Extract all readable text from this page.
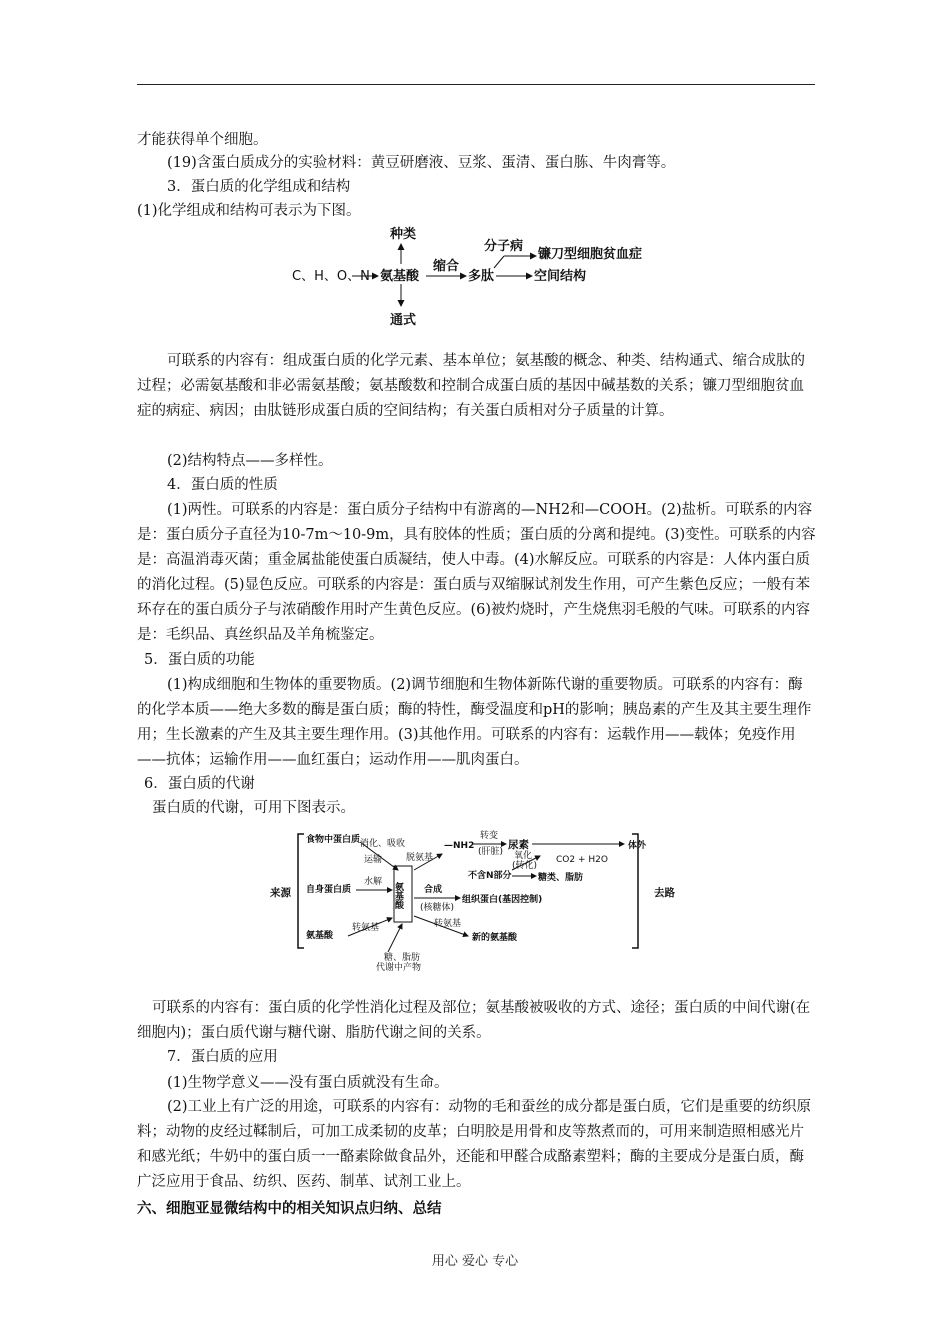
才能获得单个细胞。

(19)含蛋白质成分的实验材料：黄豆研磨液、豆浆、蛋清、蛋白胨、牛肉膏等。

3．蛋白质的化学组成和结构

(1)化学组成和结构可表示为下图。

C、H、O、N 氨基酸
种类
通式
缩合
多肽
分子病
镰刀型细胞贫血症
空间结构

可联系的内容有：组成蛋白质的化学元素、基本单位；氨基酸的概念、种类、结构通式、缩合成肽的过程；必需氨基酸和非必需氨基酸；氨基酸数和控制合成蛋白质的基因中碱基数的关系；镰刀型细胞贫血症的病症、病因；由肽链形成蛋白质的空间结构；有关蛋白质相对分子质量的计算。

(2)结构特点——多样性。

4．蛋白质的性质

(1)两性。可联系的内容是：蛋白质分子结构中有游离的—NH2和—COOH。(2)盐析。可联系的内容是：蛋白质分子直径为10-7m～10-9m，具有胶体的性质；蛋白质的分离和提纯。(3)变性。可联系的内容是：高温消毒灭菌；重金属盐能使蛋白质凝结，使人中毒。(4)水解反应。可联系的内容是：人体内蛋白质的消化过程。(5)显色反应。可联系的内容是：蛋白质与双缩脲试剂发生作用，可产生紫色反应；一般有苯环存在的蛋白质分子与浓硝酸作用时产生黄色反应。(6)被灼烧时，产生烧焦羽毛般的气味。可联系的内容是：毛织品、真丝织品及羊角梳鉴定。

5．蛋白质的功能

(1)构成细胞和生物体的重要物质。(2)调节细胞和生物体新陈代谢的重要物质。可联系的内容有：酶的化学本质——绝大多数的酶是蛋白质；酶的特性，酶受温度和pH的影响；胰岛素的产生及其主要生理作用；生长激素的产生及其主要生理作用。(3)其他作用。可联系的内容有：运载作用——载体；免疫作用——抗体；运输作用——血红蛋白；运动作用——肌肉蛋白。

6．蛋白质的代谢

蛋白质的代谢，可用下图表示。

来源	去路
食物中蛋白质 消化、吸收
运输
自身蛋白质
水解 氨基酸
氨基酸
转氨基
脱氨基
—NH2
转变
(肝脏)
尿素	体外
CO2 + H2O
不含N部分
氧化
(转化)
糖类、脂肪
合成
(核糖体)
组织蛋白(基因控制)
转氨基
新的氨基酸
糖、脂肪
代谢中产物

可联系的内容有：蛋白质的化学性消化过程及部位；氨基酸被吸收的方式、途径；蛋白质的中间代谢(在细胞内)；蛋白质代谢与糖代谢、脂肪代谢之间的关系。

7．蛋白质的应用

(1)生物学意义——没有蛋白质就没有生命。

(2)工业上有广泛的用途，可联系的内容有：动物的毛和蚕丝的成分都是蛋白质，它们是重要的纺织原料；动物的皮经过鞣制后，可加工成柔韧的皮革；白明胶是用骨和皮等熬煮而的，可用来制造照相感光片和感光纸；牛奶中的蛋白质一一酪素除做食品外，还能和甲醛合成酪素塑料；酶的主要成分是蛋白质，酶广泛应用于食品、纺织、医药、制革、试剂工业上。

六、细胞亚显微结构中的相关知识点归纳、总结

用心 爱心 专心
